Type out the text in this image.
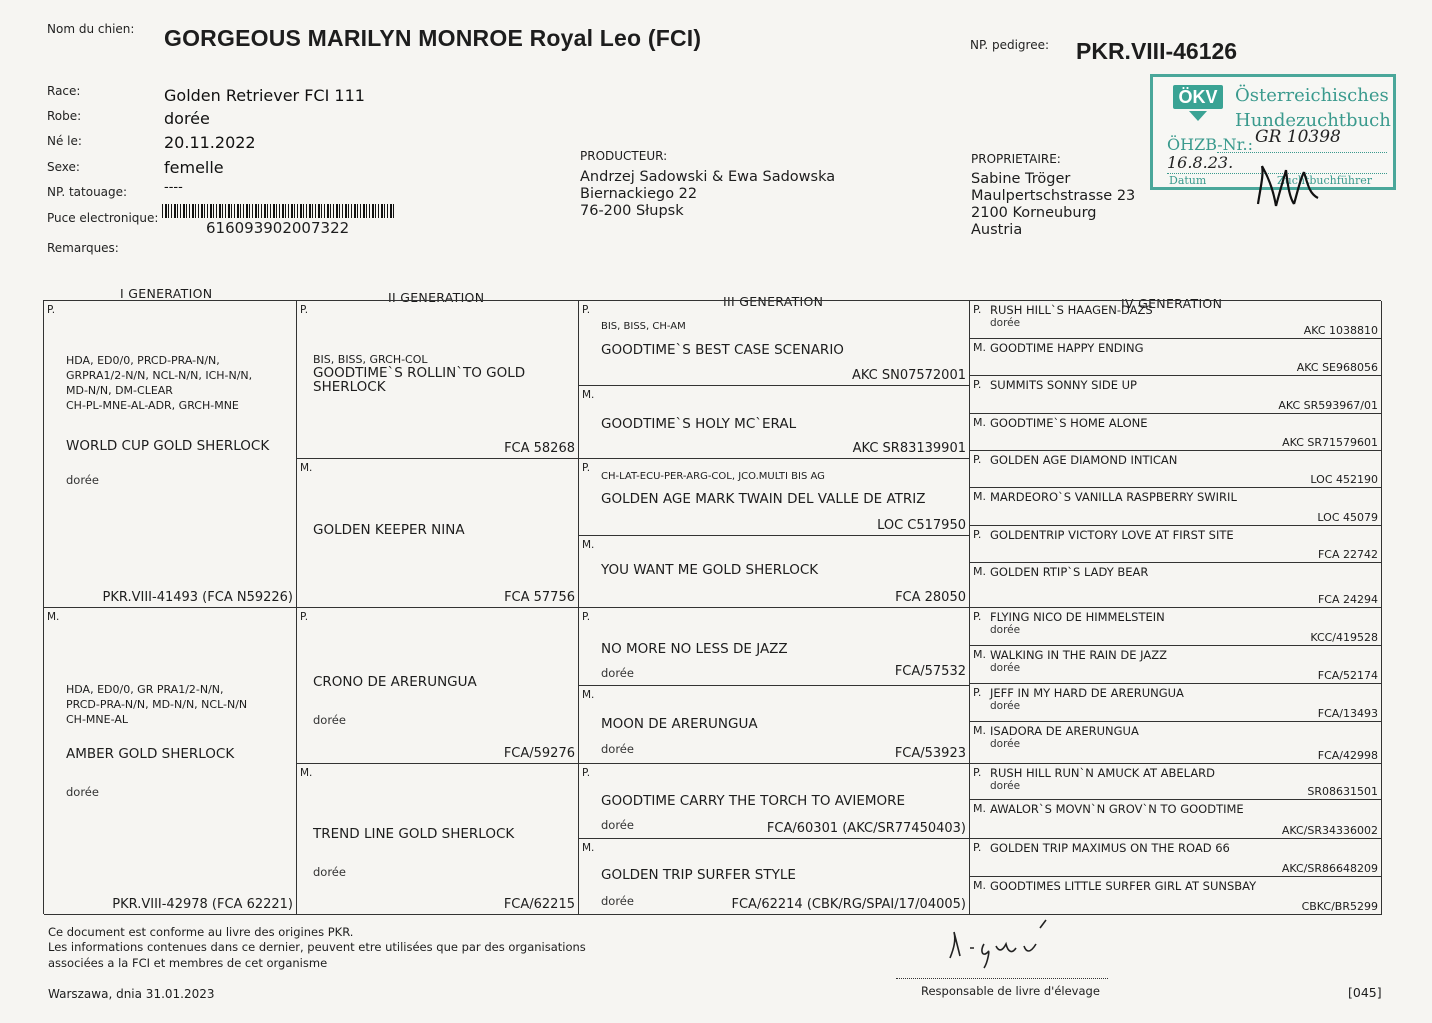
Nom du chien: GORGEOUS MARILYN MONROE Royal Leo (FCI)	NP. pedigree: PKR.VIII-46126
Race:	Golden Retriever FCI 111
Robe:	dorée
Né le:	20.11.2022
Sexe:	femelle
NP. tatouage:	----
Puce electronique:
616093902007322
Remarques:
PRODUCTEUR:
Andrzej Sadowski & Ewa Sadowska
Biernackiego 22
76-200 Słupsk
PROPRIETAIRE:
Sabine Tröger
Maulpertschstrasse 23
2100 Korneuburg
Austria
ÖKV Österreichisches
Hundezuchtbuch
ÖHZB-Nr.: GR 10398
16.8.23.
Datum	Zuchtbuchführer
I GENERATION	II GENERATION	III GENERATION	IV GENERATION
P.
HDA, ED0/0, PRCD-PRA-N/N,
GRPRA1/2-N/N, NCL-N/N, ICH-N/N,
MD-N/N, DM-CLEAR
CH-PL-MNE-AL-ADR, GRCH-MNE
WORLD CUP GOLD SHERLOCK
dorée
PKR.VIII-41493 (FCA N59226)
M.
HDA, ED0/0, GR PRA1/2-N/N,
PRCD-PRA-N/N, MD-N/N, NCL-N/N
CH-MNE-AL
AMBER GOLD SHERLOCK
dorée
PKR.VIII-42978 (FCA 62221)
P.
BIS, BISS, GRCH-COL
GOODTIME`S ROLLIN`TO GOLD
SHERLOCK
FCA 58268
M.
GOLDEN KEEPER NINA
FCA 57756
P.
CRONO DE ARERUNGUA
dorée
FCA/59276
M.
TREND LINE GOLD SHERLOCK
dorée
FCA/62215
P.
BIS, BISS, CH-AM
GOODTIME`S BEST CASE SCENARIO
AKC SN07572001
M.
GOODTIME`S HOLY MC`ERAL
AKC SR83139901
P.
CH-LAT-ECU-PER-ARG-COL, JCO.MULTI BIS AG
GOLDEN AGE MARK TWAIN DEL VALLE DE ATRIZ
LOC C517950
M.
YOU WANT ME GOLD SHERLOCK
FCA 28050
P.
NO MORE NO LESS DE JAZZ
dorée	FCA/57532
M.
MOON DE ARERUNGUA
dorée	FCA/53923
P.
GOODTIME CARRY THE TORCH TO AVIEMORE
dorée	FCA/60301 (AKC/SR77450403)
M.
GOLDEN TRIP SURFER STYLE
dorée	FCA/62214 (CBK/RG/SPAI/17/04005)
P. RUSH HILL`S HAAGEN-DAZS
dorée
AKC 1038810
M. GOODTIME HAPPY ENDING
AKC SE968056
P. SUMMITS SONNY SIDE UP
AKC SR593967/01
M. GOODTIME`S HOME ALONE
AKC SR71579601
P. GOLDEN AGE DIAMOND INTICAN
LOC 452190
M. MARDEORO`S VANILLA RASPBERRY SWIRIL
LOC 45079
P. GOLDENTRIP VICTORY LOVE AT FIRST SITE
FCA 22742
M. GOLDEN RTIP`S LADY BEAR
FCA 24294
P. FLYING NICO DE HIMMELSTEIN
dorée
KCC/419528
M. WALKING IN THE RAIN DE JAZZ
dorée
FCA/52174
P. JEFF IN MY HARD DE ARERUNGUA
dorée
FCA/13493
M. ISADORA DE ARERUNGUA
dorée
FCA/42998
P. RUSH HILL RUN`N AMUCK AT ABELARD
dorée	SR08631501
M. AWALOR`S MOVN`N GROV`N TO GOODTIME
AKC/SR34336002
P. GOLDEN TRIP MAXIMUS ON THE ROAD 66
AKC/SR86648209
M. GOODTIMES LITTLE SURFER GIRL AT SUNSBAY
CBKC/BR5299
Ce document est conforme au livre des origines PKR.
Les informations contenues dans ce dernier, peuvent etre utilisées que par des organisations
associées a la FCI et membres de cet organisme
Warszawa, dnia 31.01.2023	Responsable de livre d'élevage	[045]
